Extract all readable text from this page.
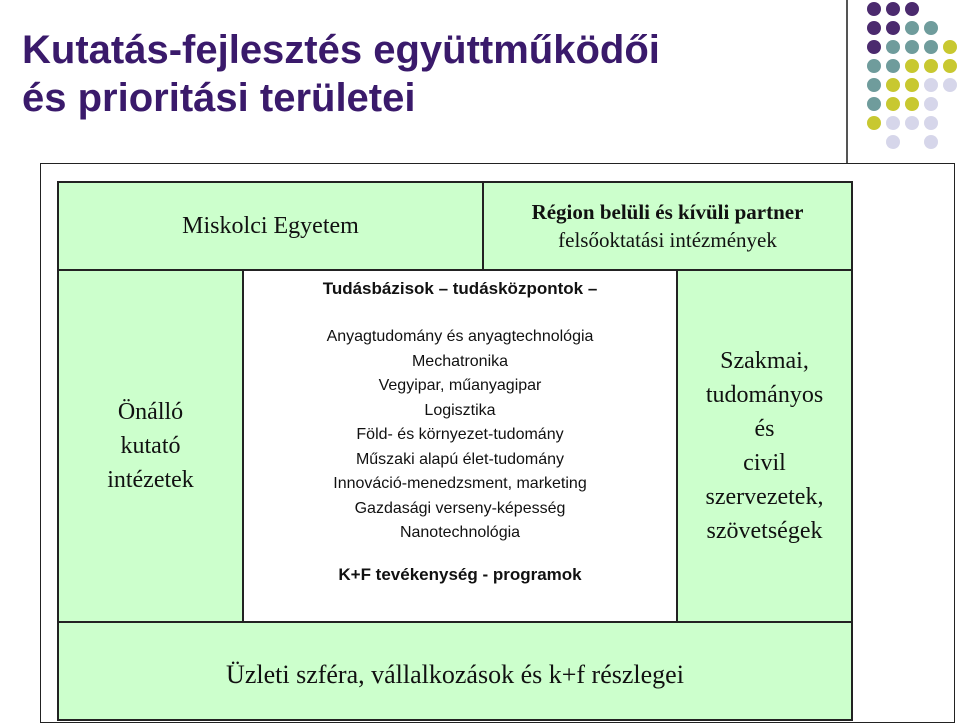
Kutatás-fejlesztés együttműködői
és prioritási területei
Miskolci Egyetem
Région belüli és kívüli partner
felsőoktatási intézmények
Önálló
kutató
intézetek
Tudásbázisok – tudásközpontok –
Anyagtudomány és anyagtechnológia
Mechatronika
Vegyipar, műanyagipar
Logisztika
Föld- és környezet-tudomány
Műszaki alapú élet-tudomány
Innováció-menedzsment, marketing
Gazdasági verseny-képesség
Nanotechnológia
K+F tevékenység - programok
Szakmai,
tudományos
és
civil
szervezetek,
szövetségek
Üzleti szféra, vállalkozások és k+f részlegei
